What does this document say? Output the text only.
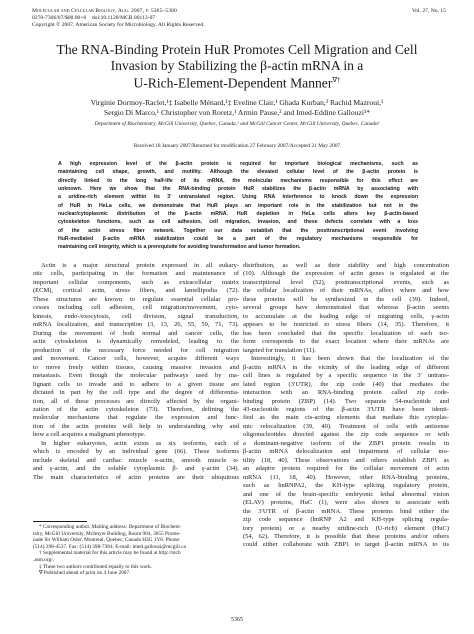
Molecular and Cellular Biology, Aug. 2007, p. 5365–5380	Vol. 27, No. 15
0270-7306/07/$08.00+0    doi:10.1128/MCB.00113-07
Copyright © 2007, American Society for Microbiology. All Rights Reserved.
The RNA-Binding Protein HuR Promotes Cell Migration and Cell
Invasion by Stabilizing the β-actin mRNA in a
U-Rich-Element-Dependent Manner∇†
Virginie Dormoy-Raclet,¹‡ Isabelle Ménard,¹‡ Eveline Clair,¹ Ghada Kurban,² Rachid Mazroui,¹
Sergio Di Marco,¹ Christopher von Roretz,¹ Armin Pause,² and Imed-Eddine Gallouzi¹*
Department of Biochemistry, McGill University, Quebec, Canada,¹ and McGill Cancer Center, McGill University, Quebec, Canada²
Received 18 January 2007/Returned for modification 27 February 2007/Accepted 21 May 2007
A high expression level of the β-actin protein is required for important biological mechanisms, such as
maintaining cell shape, growth, and motility. Although the elevated cellular level of the β-actin protein is
directly linked to the long half-life of its mRNA, the molecular mechanisms responsible for this effect are
unknown. Here we show that the RNA-binding protein HuR stabilizes the β-actin mRNA by associating with
a uridine-rich element within its 3′ untranslated region. Using RNA interference to knock down the expression
of HuR in HeLa cells, we demonstrate that HuR plays an important role in the stabilization but not in the
nuclear/cytoplasmic distribution of the β-actin mRNA. HuR depletion in HeLa cells alters key β-actin-based
cytoskeleton functions, such as cell adhesion, cell migration, invasion, and these defects correlate with a loss
of the actin stress fiber network. Together our data establish that the posttranscriptional event involving
HuR-mediated β-actin mRNA stabilization could be a part of the regulatory mechanisms responsible for
maintaining cell integrity, which is a prerequisite for avoiding transformation and tumor formation.
Actin is a major structural protein expressed in all eukary-
otic cells, participating in the formation and maintenance of
important cellular components, such as extracellular matrix
(ECM), cortical actin, stress fibers, and lamellipodia (72).
These structures are known to regulate essential cellular pro-
cesses including cell adhesion, cell migration/movement, cyto-
kinesis, endo-/exocytosis, cell division, signal transduction,
mRNA localization, and transcription (3, 13, 26, 55, 59, 71, 73).
During the movement of both normal and cancer cells, the
actin cytoskeleton is dynamically remodeled, leading to the
production of the necessary force needed for cell migration
and movement. Cancer cells, however, acquire different ways
to move freely within tissues, causing massive invasion and
metastasis. Even though the molecular pathways used by ma-
lignant cells to invade and to adhere to a given tissue are
dictated in part by the cell type and the degree of differentia-
tion, all of these processes are directly affected by the organi-
zation of the actin cytoskeleton (73). Therefore, defining the
molecular mechanisms that regulate the expression and func-
tion of the actin proteins will help in understanding why and
how a cell acquires a malignant phenotype.
In higher eukaryotes, actin exists as six isoforms, each of
which is encoded by an individual gene (66). These isoforms
include skeletal and cardiac muscle α-actin, smooth muscle α-
and γ-actin, and the soluble cytoplasmic β- and γ-actin (34).
The main characteristics of actin proteins are their ubiquitous
* Corresponding author. Mailing address: Department of Biochem-
istry, McGill University, McIntyre Building, Room 904, 3655 Prome-
nade Sir William Osler, Montreal, Quebec, Canada H3G 1Y6. Phone:
(514) 398-4537. Fax: (514) 398-7384. E-mail: imed.gallouzi@mcgill.ca
† Supplemental material for this article may be found at http://mcb
.asm.org/.
‡ These two authors contributed equally to this work.
∇ Published ahead of print on 4 June 2007.
distribution, as well as their stability and high concentration
(10). Although the expression of actin genes is regulated at the
transcriptional level (52), posttranscriptional events, such as
the cellular localization of their mRNAs, affect where and how
these proteins will be synthesized in the cell (39). Indeed,
several groups have demonstrated that whereas β-actin seems
to accumulate at the leading edge of migrating cells, γ-actin
appears to be restricted to stress fibers (14, 35). Therefore, it
has been concluded that the specific localization of each iso-
form corresponds to the exact location where their mRNAs are
targeted for translation (11).
Interestingly, it has been shown that the localization of the
β-actin mRNA in the vicinity of the leading edge of different
cell lines is regulated by a specific sequence in the 3′ untrans-
lated region (3′UTR), the zip code (40) that mediates the
interaction with an RNA-binding protein called zip code-
binding protein (ZBP) (14). Two separate 54-nucleotide and
43-nucleotide regions of the β-actin 3′UTR have been identi-
fied as the main cis-acting elements that mediate this cytoplas-
mic relocalization (39, 40). Treatment of cells with antisense
oligonucleotides directed against the zip code sequence or with
a dominant-negative isoform of the ZBP1 protein results in
β-actin mRNA delocalization and impairment of cellular mo-
tility (18, 40). These observations and others establish ZBP1 as
an adaptor protein required for the cellular movement of actin
mRNA (11, 18, 40). However, other RNA-binding proteins,
such as hnRNPA2, the KH-type splicing regulatory protein,
and one of the brain-specific embryonic lethal abnormal vision
(ELAV) proteins, HuC (1), were also shown to associate with
the 3′UTR of β-actin mRNA. These proteins bind either the
zip code sequence (hnRNP A2 and KH-type splicing regula-
tory protein) or a nearby uridine-rich (U-rich) element (HuC)
(54, 62). Therefore, it is possible that these proteins and/or others
could either collaborate with ZBP1 to target β-actin mRNA to its
5365
